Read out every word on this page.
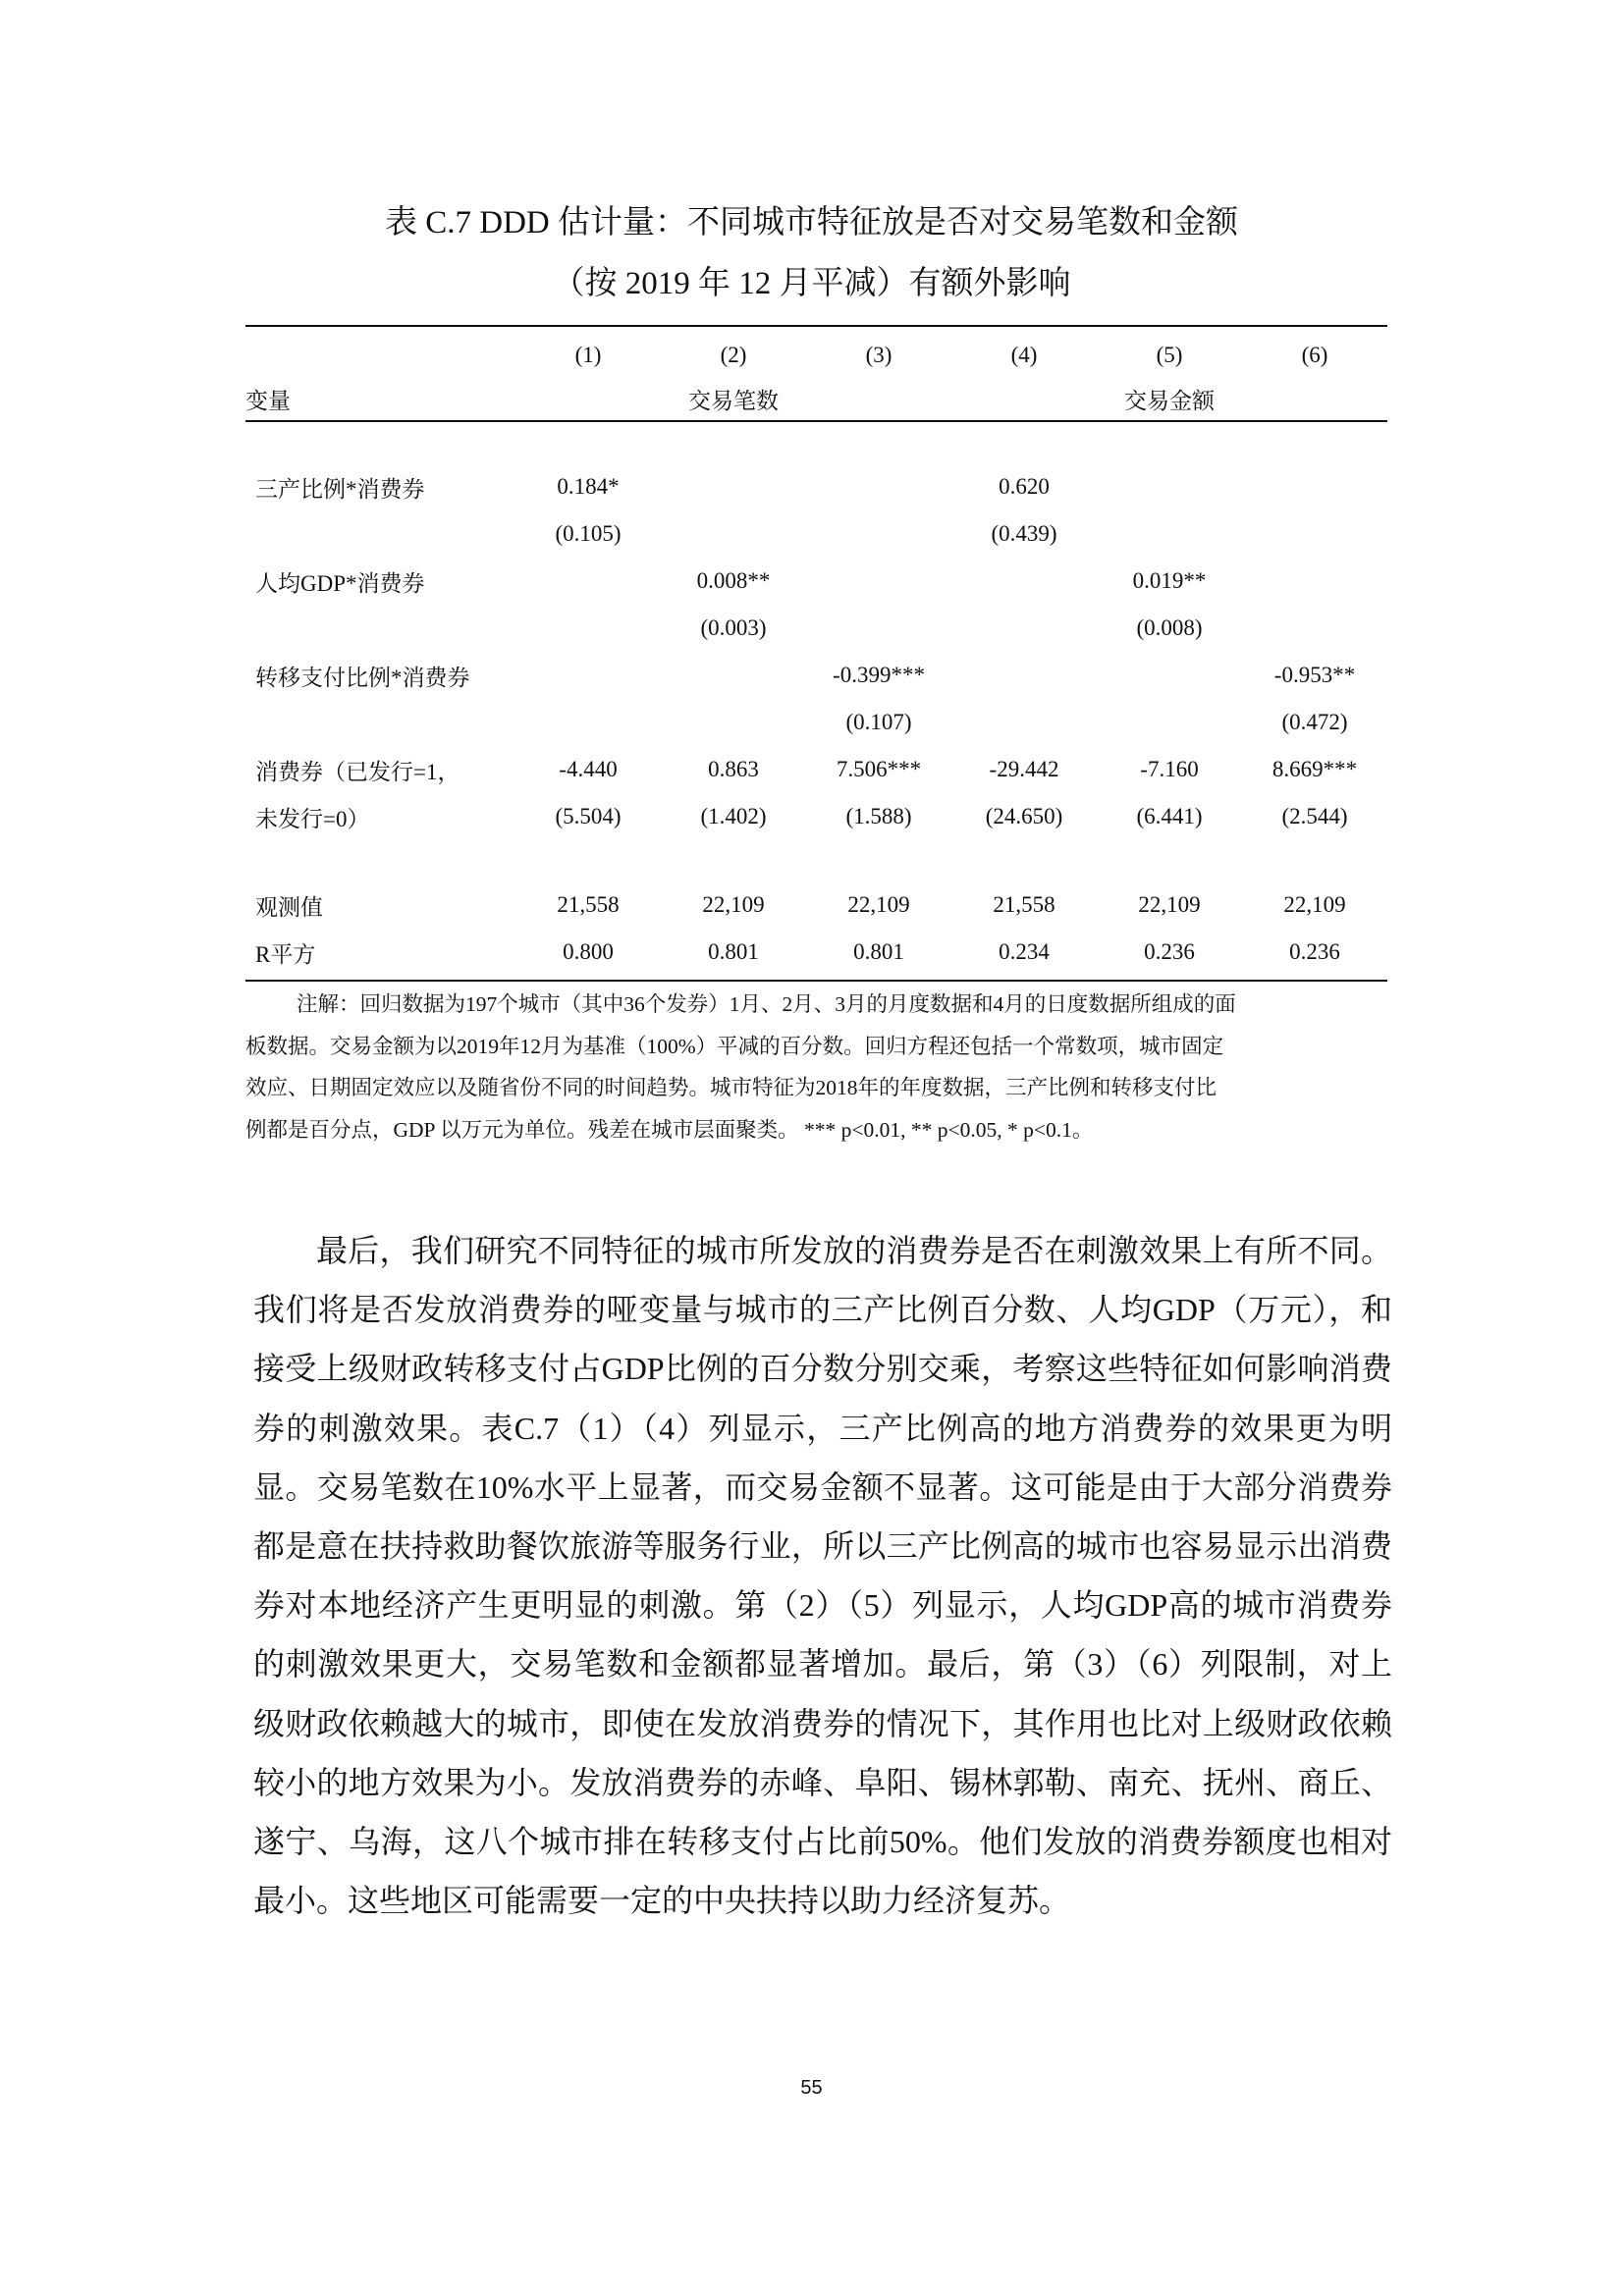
表 C.7 DDD 估计量：不同城市特征放是否对交易笔数和金额
（按 2019 年 12 月平减）有额外影响
	(1)	(2)	(3)	(4)	(5)	(6)
变量	交易笔数			交易金额		

三产比例*消费券	0.184*			0.620		
	(0.105)			(0.439)		
人均GDP*消费券		0.008**			0.019**	
		(0.003)			(0.008)	
转移支付比例*消费券			-0.399***			-0.953**
			(0.107)			(0.472)
消费券（已发行=1，	-4.440	0.863	7.506***	-29.442	-7.160	8.669***
未发行=0）	(5.504)	(1.402)	(1.588)	(24.650)	(6.441)	(2.544)

观测值	21,558	22,109	22,109	21,558	22,109	22,109
R平方	0.800	0.801	0.801	0.234	0.236	0.236

注解：回归数据为197个城市（其中36个发券）1月、2月、3月的月度数据和4月的日度数据所组成的面

板数据。交易金额为以2019年12月为基准（100%）平减的百分数。回归方程还包括一个常数项，城市固定

效应、日期固定效应以及随省份不同的时间趋势。城市特征为2018年的年度数据，三产比例和转移支付比

例都是百分点，GDP 以万元为单位。残差在城市层面聚类。 *** p<0.01, ** p<0.05, * p<0.1。

最后，我们研究不同特征的城市所发放的消费券是否在刺激效果上有所不同。我们将是否发放消费券的哑变量与城市的三产比例百分数、人均GDP（万元），和接受上级财政转移支付占GDP比例的百分数分别交乘，考察这些特征如何影响消费券的刺激效果。表C.7（1）（4）列显示，三产比例高的地方消费券的效果更为明显。交易笔数在10%水平上显著，而交易金额不显著。这可能是由于大部分消费券都是意在扶持救助餐饮旅游等服务行业，所以三产比例高的城市也容易显示出消费券对本地经济产生更明显的刺激。第（2）（5）列显示，人均GDP高的城市消费券的刺激效果更大，交易笔数和金额都显著增加。最后，第（3）（6）列限制，对上级财政依赖越大的城市，即使在发放消费券的情况下，其作用也比对上级财政依赖较小的地方效果为小。发放消费券的赤峰、阜阳、锡林郭勒、南充、抚州、商丘、遂宁、乌海，这八个城市排在转移支付占比前50%。他们发放的消费券额度也相对最小。这些地区可能需要一定的中央扶持以助力经济复苏。

55
